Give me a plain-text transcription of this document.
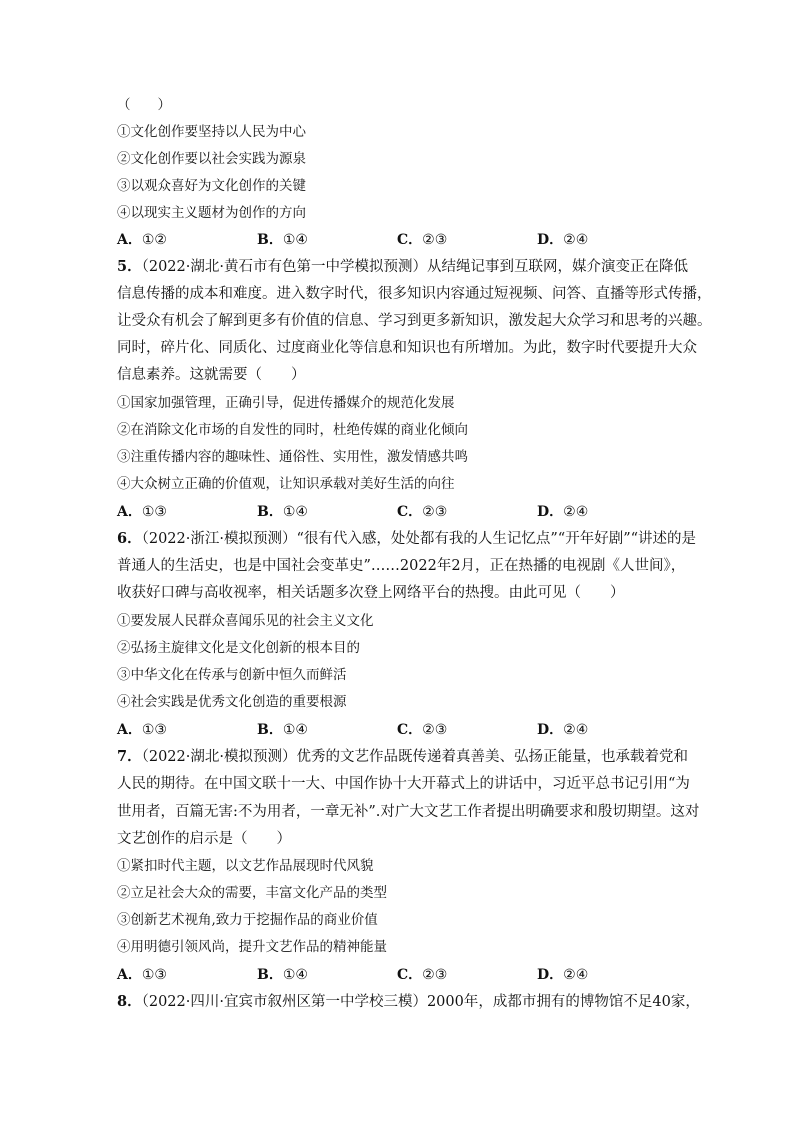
（　　）
①文化创作要坚持以人民为中心
②文化创作要以社会实践为源泉
③以观众喜好为文化创作的关键
④以现实主义题材为创作的方向
A．①②	B．①④	C．②③	D．②④
5．（2022·湖北·黄石市有色第一中学模拟预测）从结绳记事到互联网，媒介演变正在降低
信息传播的成本和难度。进入数字时代，很多知识内容通过短视频、问答、直播等形式传播，
让受众有机会了解到更多有价值的信息、学习到更多新知识，激发起大众学习和思考的兴趣。
同时，碎片化、同质化、过度商业化等信息和知识也有所增加。为此，数字时代要提升大众
信息素养。这就需要（　　）
①国家加强管理，正确引导，促进传播媒介的规范化发展
②在消除文化市场的自发性的同时，杜绝传媒的商业化倾向
③注重传播内容的趣味性、通俗性、实用性，激发情感共鸣
④大众树立正确的价值观，让知识承载对美好生活的向往
A．①③	B．①④	C．②③	D．②④
6．（2022·浙江·模拟预测）“很有代入感，处处都有我的人生记忆点”“开年好剧”“讲述的是
普通人的生活史，也是中国社会变革史”……2022年2月，正在热播的电视剧《人世间》，
收获好口碑与高收视率，相关话题多次登上网络平台的热搜。由此可见（　　）
①要发展人民群众喜闻乐见的社会主义文化
②弘扬主旋律文化是文化创新的根本目的
③中华文化在传承与创新中恒久而鲜活
④社会实践是优秀文化创造的重要根源
A．①③	B．①④	C．②③	D．②④
7．（2022·湖北·模拟预测）优秀的文艺作品既传递着真善美、弘扬正能量，也承载着党和
人民的期待。在中国文联十一大、中国作协十大开幕式上的讲话中，习近平总书记引用“为
世用者，百篇无害:不为用者，一章无补”.对广大文艺工作者提出明确要求和殷切期望。这对
文艺创作的启示是（　　）
①紧扣时代主题，以文艺作品展现时代风貌
②立足社会大众的需要，丰富文化产品的类型
③创新艺术视角,致力于挖掘作品的商业价值
④用明德引领风尚，提升文艺作品的精神能量
A．①③	B．①④	C．②③	D．②④
8．（2022·四川·宜宾市叙州区第一中学校三模）2000年，成都市拥有的博物馆不足40家，
